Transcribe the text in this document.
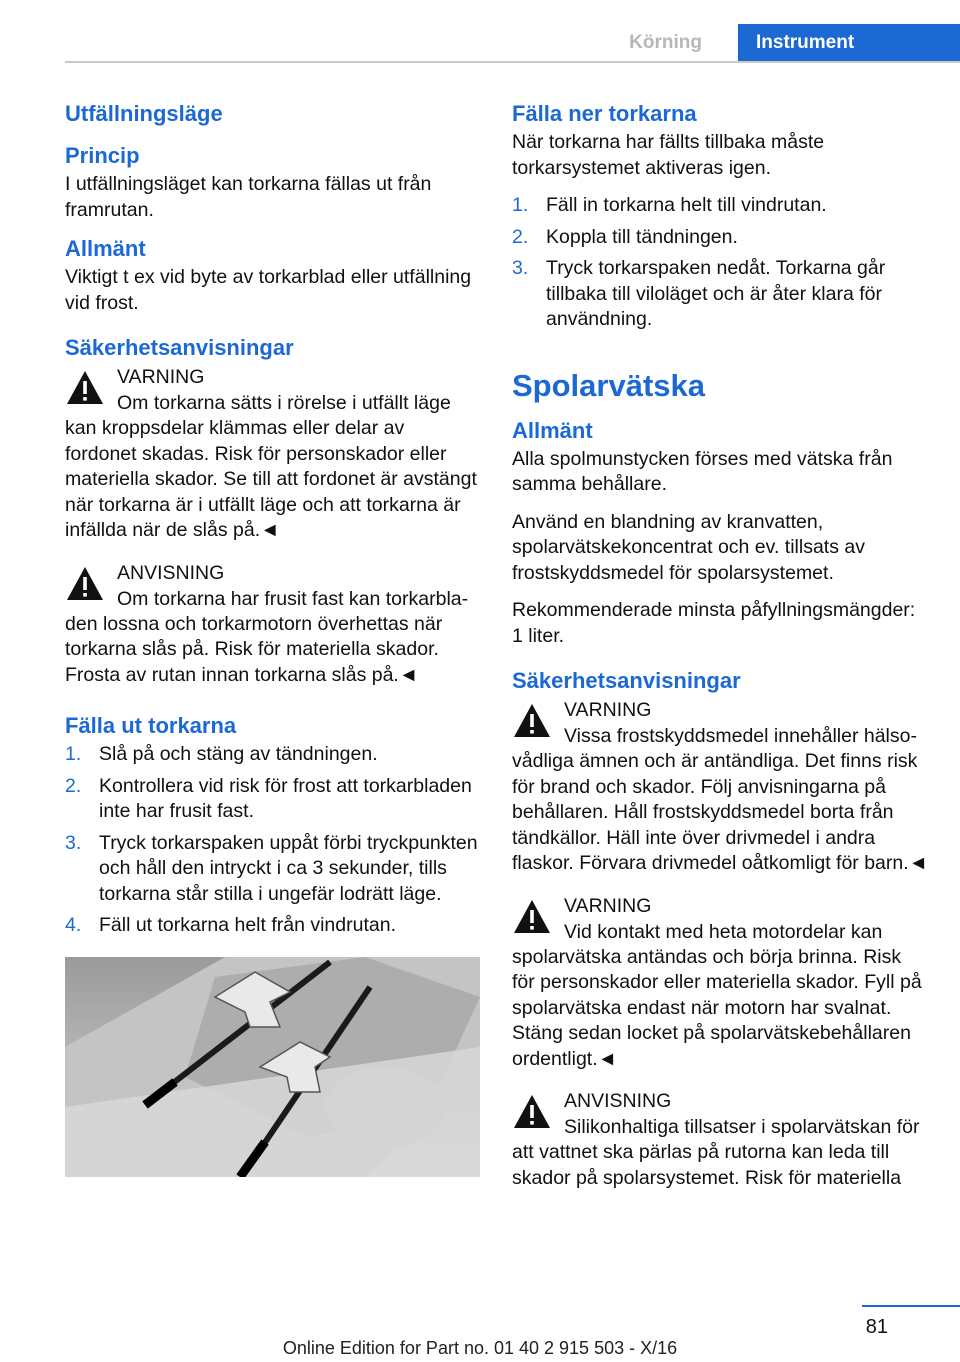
Körning	Instrument
Utfällningsläge
Princip
I utfällningsläget kan torkarna fällas ut från framrutan.
Allmänt
Viktigt t ex vid byte av torkarblad eller utfällning vid frost.
Säkerhetsanvisningar
VARNING
Om torkarna sätts i rörelse i utfällt läge
kan kroppsdelar klämmas eller delar av fordonet skadas. Risk för personskador eller materiella skador. Se till att fordonet är avstängt när torkarna är i utfällt läge och att torkarna är infällda när de slås på.◄
ANVISNING
Om torkarna har frusit fast kan torkarbla-
den lossna och torkarmotorn överhettas när torkarna slås på. Risk för materiella skador. Frosta av rutan innan torkarna slås på.◄
Fälla ut torkarna
1. Slå på och stäng av tändningen.
2. Kontrollera vid risk för frost att torkarbladen inte har frusit fast.
3. Tryck torkarspaken uppåt förbi tryckpunkten och håll den intryckt i ca 3 sekunder, tills torkarna står stilla i ungefär lodrätt läge.
4. Fäll ut torkarna helt från vindrutan.
Fälla ner torkarna
När torkarna har fällts tillbaka måste torkarsystemet aktiveras igen.
1. Fäll in torkarna helt till vindrutan.
2. Koppla till tändningen.
3. Tryck torkarspaken nedåt. Torkarna går tillbaka till viloläget och är åter klara för användning.
Spolarvätska
Allmänt
Alla spolmunstycken förses med vätska från samma behållare.
Använd en blandning av kranvatten, spolarvätskekoncentrat och ev. tillsats av frostskyddsmedel för spolarsystemet.
Rekommenderade minsta påfyllningsmängder: 1 liter.
Säkerhetsanvisningar
VARNING
Vissa frostskyddsmedel innehåller hälso-
vådliga ämnen och är antändliga. Det finns risk för brand och skador. Följ anvisningarna på behållaren. Håll frostskyddsmedel borta från tändkällor. Häll inte över drivmedel i andra flaskor. Förvara drivmedel oåtkomligt för barn.◄
VARNING
Vid kontakt med heta motordelar kan
spolarvätska antändas och börja brinna. Risk för personskador eller materiella skador. Fyll på spolarvätska endast när motorn har svalnat. Stäng sedan locket på spolarvätskebehållaren ordentligt.◄
ANVISNING
Silikonhaltiga tillsatser i spolarvätskan för
att vattnet ska pärlas på rutorna kan leda till skador på spolarsystemet. Risk för materiella
81
Online Edition for Part no. 01 40 2 915 503 - X/16
